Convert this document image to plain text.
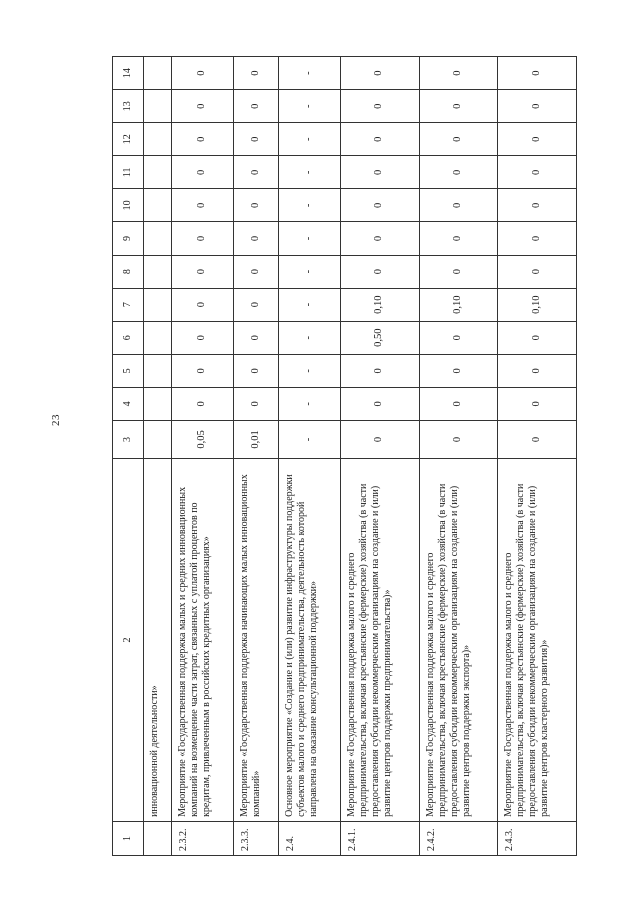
23
1	2	3	4	5	6	7	8	9	10	11	12	13	14
	инновационной деятельности»												
2.3.2.	Мероприятие «Государственная поддержка малых и средних инновационных компаний на возмещение части затрат, связанных с уплатой процентов по кредитам, привлеченным в российских кредитных организациях»	0,05	0	0	0	0	0	0	0	0	0	0	0
2.3.3.	Мероприятие «Государственная поддержка начинающих малых инновационных компаний»	0,01	0	0	0	0	0	0	0	0	0	0	0
2.4.	Основное мероприятие «Создание и (или) развитие инфраструктуры поддержки субъектов малого и среднего предпринимательства, деятельность которой направлена на оказание консультационной поддержки»	-	-	-	-	-	-	-	-	-	-	-	-
2.4.1.	Мероприятие «Государственная поддержка малого и среднего предпринимательства, включая крестьянские (фермерские) хозяйства (в части предоставления субсидии некоммерческим организациям на создание и (или) развитие центров поддержки предпринимательства)»	0	0	0	0,50	0,10	0	0	0	0	0	0	0
2.4.2.	Мероприятие «Государственная поддержка малого и среднего предпринимательства, включая крестьянские (фермерские) хозяйства (в части предоставления субсидии некоммерческим организациям на создание и (или) развитие центров поддержки экспорта)»	0	0	0	0	0,10	0	0	0	0	0	0	0
2.4.3.	Мероприятие «Государственная поддержка малого и среднего предпринимательства, включая крестьянские (фермерские) хозяйства (в части предоставления субсидии некоммерческим организациям на создание и (или) развитие центров кластерного развития)»	0	0	0	0	0,10	0	0	0	0	0	0	0
